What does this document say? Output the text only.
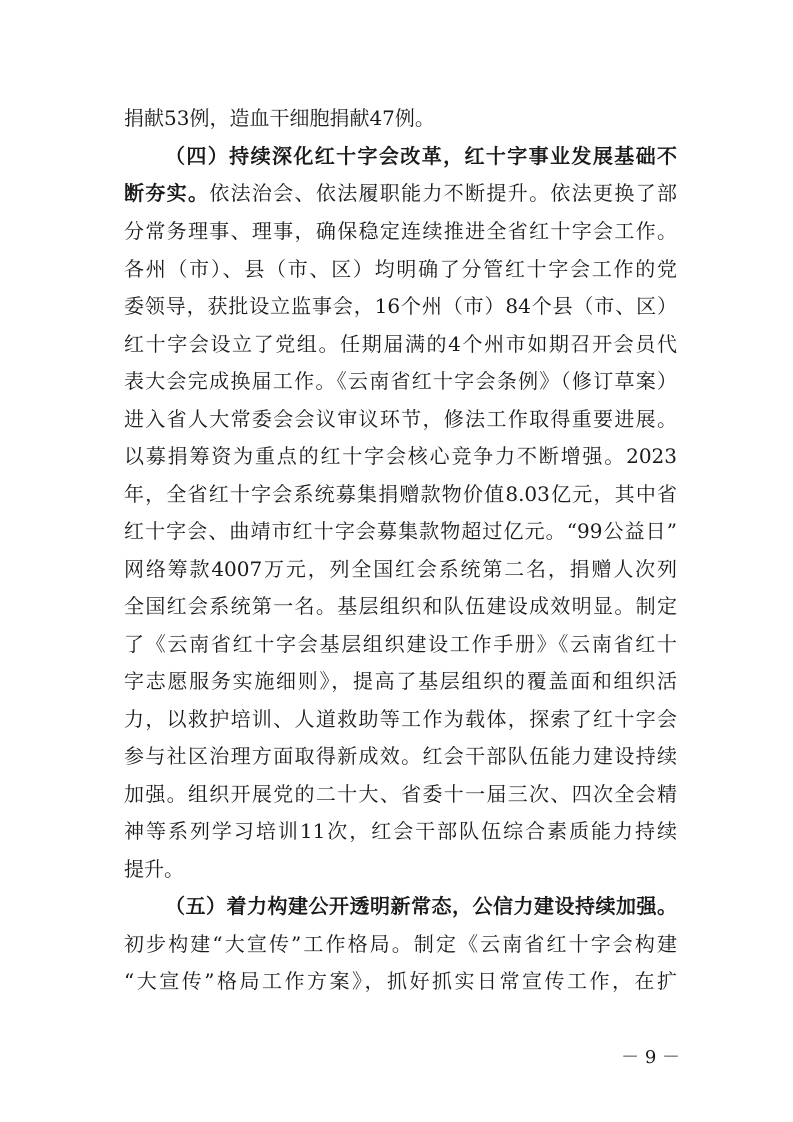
捐献53例，造血干细胞捐献47例。
（四）持续深化红十字会改革，红十字事业发展基础不
断夯实。依法治会、依法履职能力不断提升。依法更换了部
分常务理事、理事，确保稳定连续推进全省红十字会工作。
各州（市）、县（市、区）均明确了分管红十字会工作的党
委领导，获批设立监事会，16个州（市）84个县（市、区）
红十字会设立了党组。任期届满的4个州市如期召开会员代
表大会完成换届工作。《云南省红十字会条例》（修订草案）
进入省人大常委会会议审议环节，修法工作取得重要进展。
以募捐筹资为重点的红十字会核心竞争力不断增强。2023
年，全省红十字会系统募集捐赠款物价值8.03亿元，其中省
红十字会、曲靖市红十字会募集款物超过亿元。“99公益日”
网络筹款4007万元，列全国红会系统第二名，捐赠人次列
全国红会系统第一名。基层组织和队伍建设成效明显。制定
了《云南省红十字会基层组织建设工作手册》《云南省红十
字志愿服务实施细则》，提高了基层组织的覆盖面和组织活
力，以救护培训、人道救助等工作为载体，探索了红十字会
参与社区治理方面取得新成效。红会干部队伍能力建设持续
加强。组织开展党的二十大、省委十一届三次、四次全会精
神等系列学习培训11次，红会干部队伍综合素质能力持续
提升。
（五）着力构建公开透明新常态，公信力建设持续加强。
初步构建“大宣传”工作格局。制定《云南省红十字会构建
“大宣传”格局工作方案》，抓好抓实日常宣传工作，在扩
－ 9 －
